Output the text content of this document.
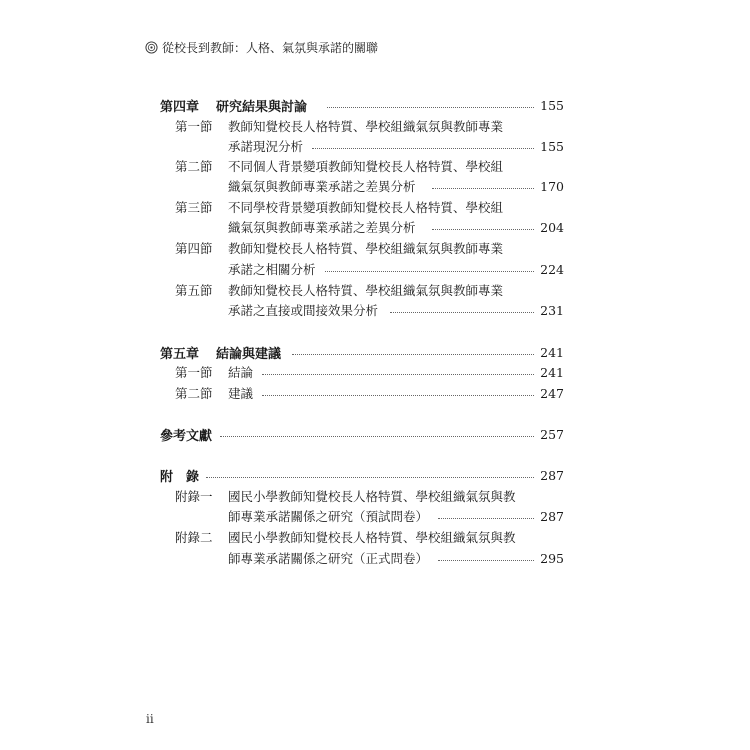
從校長到教師：人格、氣氛與承諾的關聯
第四章 研究結果與討論	155
第一節 教師知覺校長人格特質、學校組織氣氛與教師專業
承諾現況分析	155
第二節 不同個人背景變項教師知覺校長人格特質、學校組
織氣氛與教師專業承諾之差異分析	170
第三節 不同學校背景變項教師知覺校長人格特質、學校組
織氣氛與教師專業承諾之差異分析	204
第四節 教師知覺校長人格特質、學校組織氣氛與教師專業
承諾之相關分析	224
第五節 教師知覺校長人格特質、學校組織氣氛與教師專業
承諾之直接或間接效果分析	231
第五章 結論與建議	241
第一節 結論	241
第二節 建議	247
參考文獻	257
附　錄	287
附錄一 國民小學教師知覺校長人格特質、學校組織氣氛與教
師專業承諾關係之研究（預試問卷）	287
附錄二 國民小學教師知覺校長人格特質、學校組織氣氛與教
師專業承諾關係之研究（正式問卷）	295
ii
